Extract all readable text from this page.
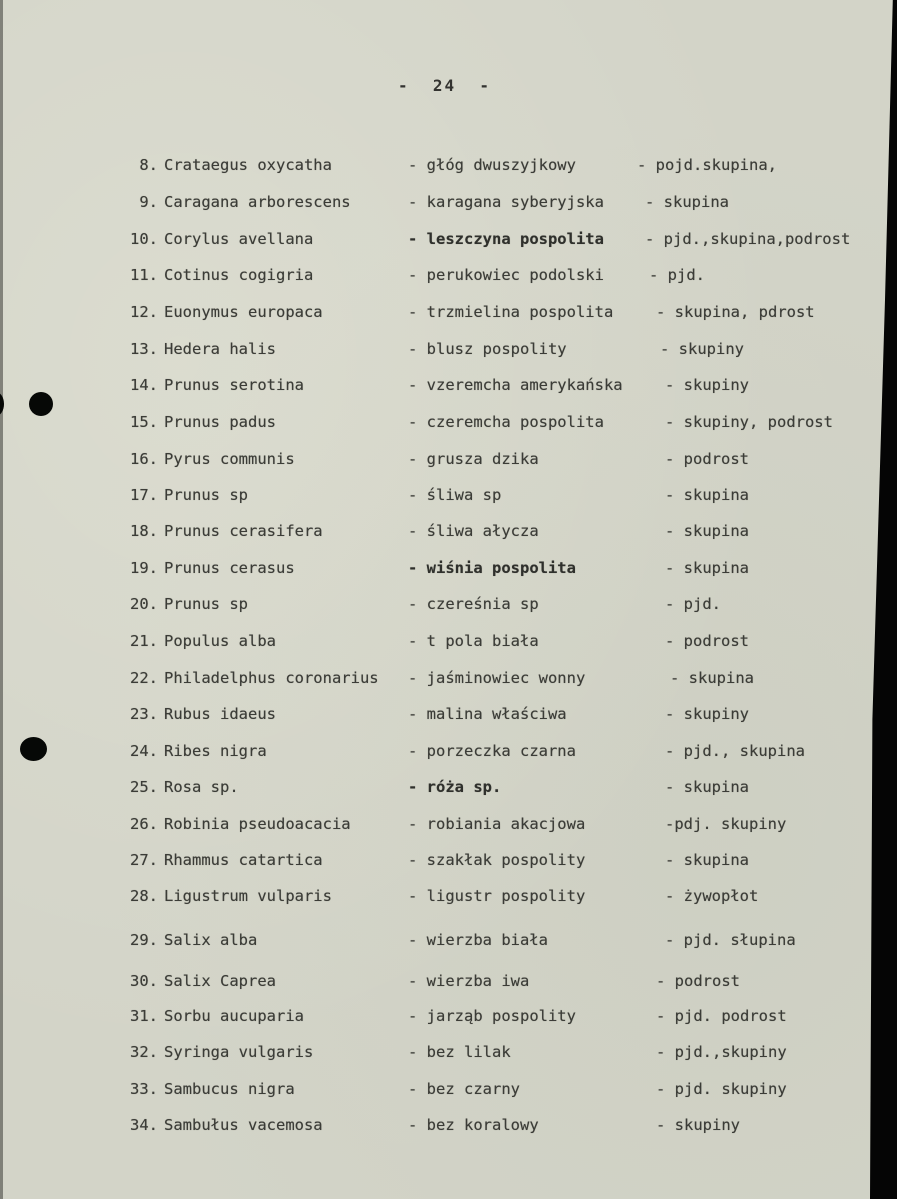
-  24  -
8. Crataegus oxycatha	- głóg dwuszyjkowy	- pojd.skupina,
9. Caragana arborescens	- karagana syberyjska	- skupina
10. Corylus avellana	- leszczyna pospolita	- pjd.,skupina,podrost
11. Cotinus cogigria	- perukowiec podolski	- pjd.
12. Euonymus europaca	- trzmielina pospolita	- skupina, pdrost
13. Hedera halis	- blusz pospolity	- skupiny
14. Prunus serotina	- vzeremcha amerykańska	- skupiny
15. Prunus padus	- czeremcha pospolita	- skupiny, podrost
16. Pyrus communis	- grusza dzika	- podrost
17. Prunus sp	- śliwa sp	- skupina
18. Prunus cerasifera	- śliwa ałycza	- skupina
19. Prunus cerasus	- wiśnia pospolita	- skupina
20. Prunus sp	- czereśnia sp	- pjd.
21. Populus alba	- t pola biała	- podrost
22. Philadelphus coronarius - jaśminowiec wonny	- skupina
23. Rubus idaeus	- malina właściwa	- skupiny
24. Ribes nigra	- porzeczka czarna	- pjd., skupina
25. Rosa sp.	- róża sp.	- skupina
26. Robinia pseudoacacia	- robiania akacjowa	-pdj. skupiny
27. Rhammus catartica	- szakłak pospolity	- skupina
28. Ligustrum vulparis	- ligustr pospolity	- żywopłot
29. Salix alba	- wierzba biała	- pjd. słupina
30. Salix Caprea	- wierzba iwa	- podrost
31. Sorbu aucuparia	- jarząb pospolity	- pjd. podrost
32. Syringa vulgaris	- bez lilak	- pjd.,skupiny
33. Sambucus nigra	- bez czarny	- pjd. skupiny
34. Sambułus vacemosa	- bez koralowy	- skupiny
